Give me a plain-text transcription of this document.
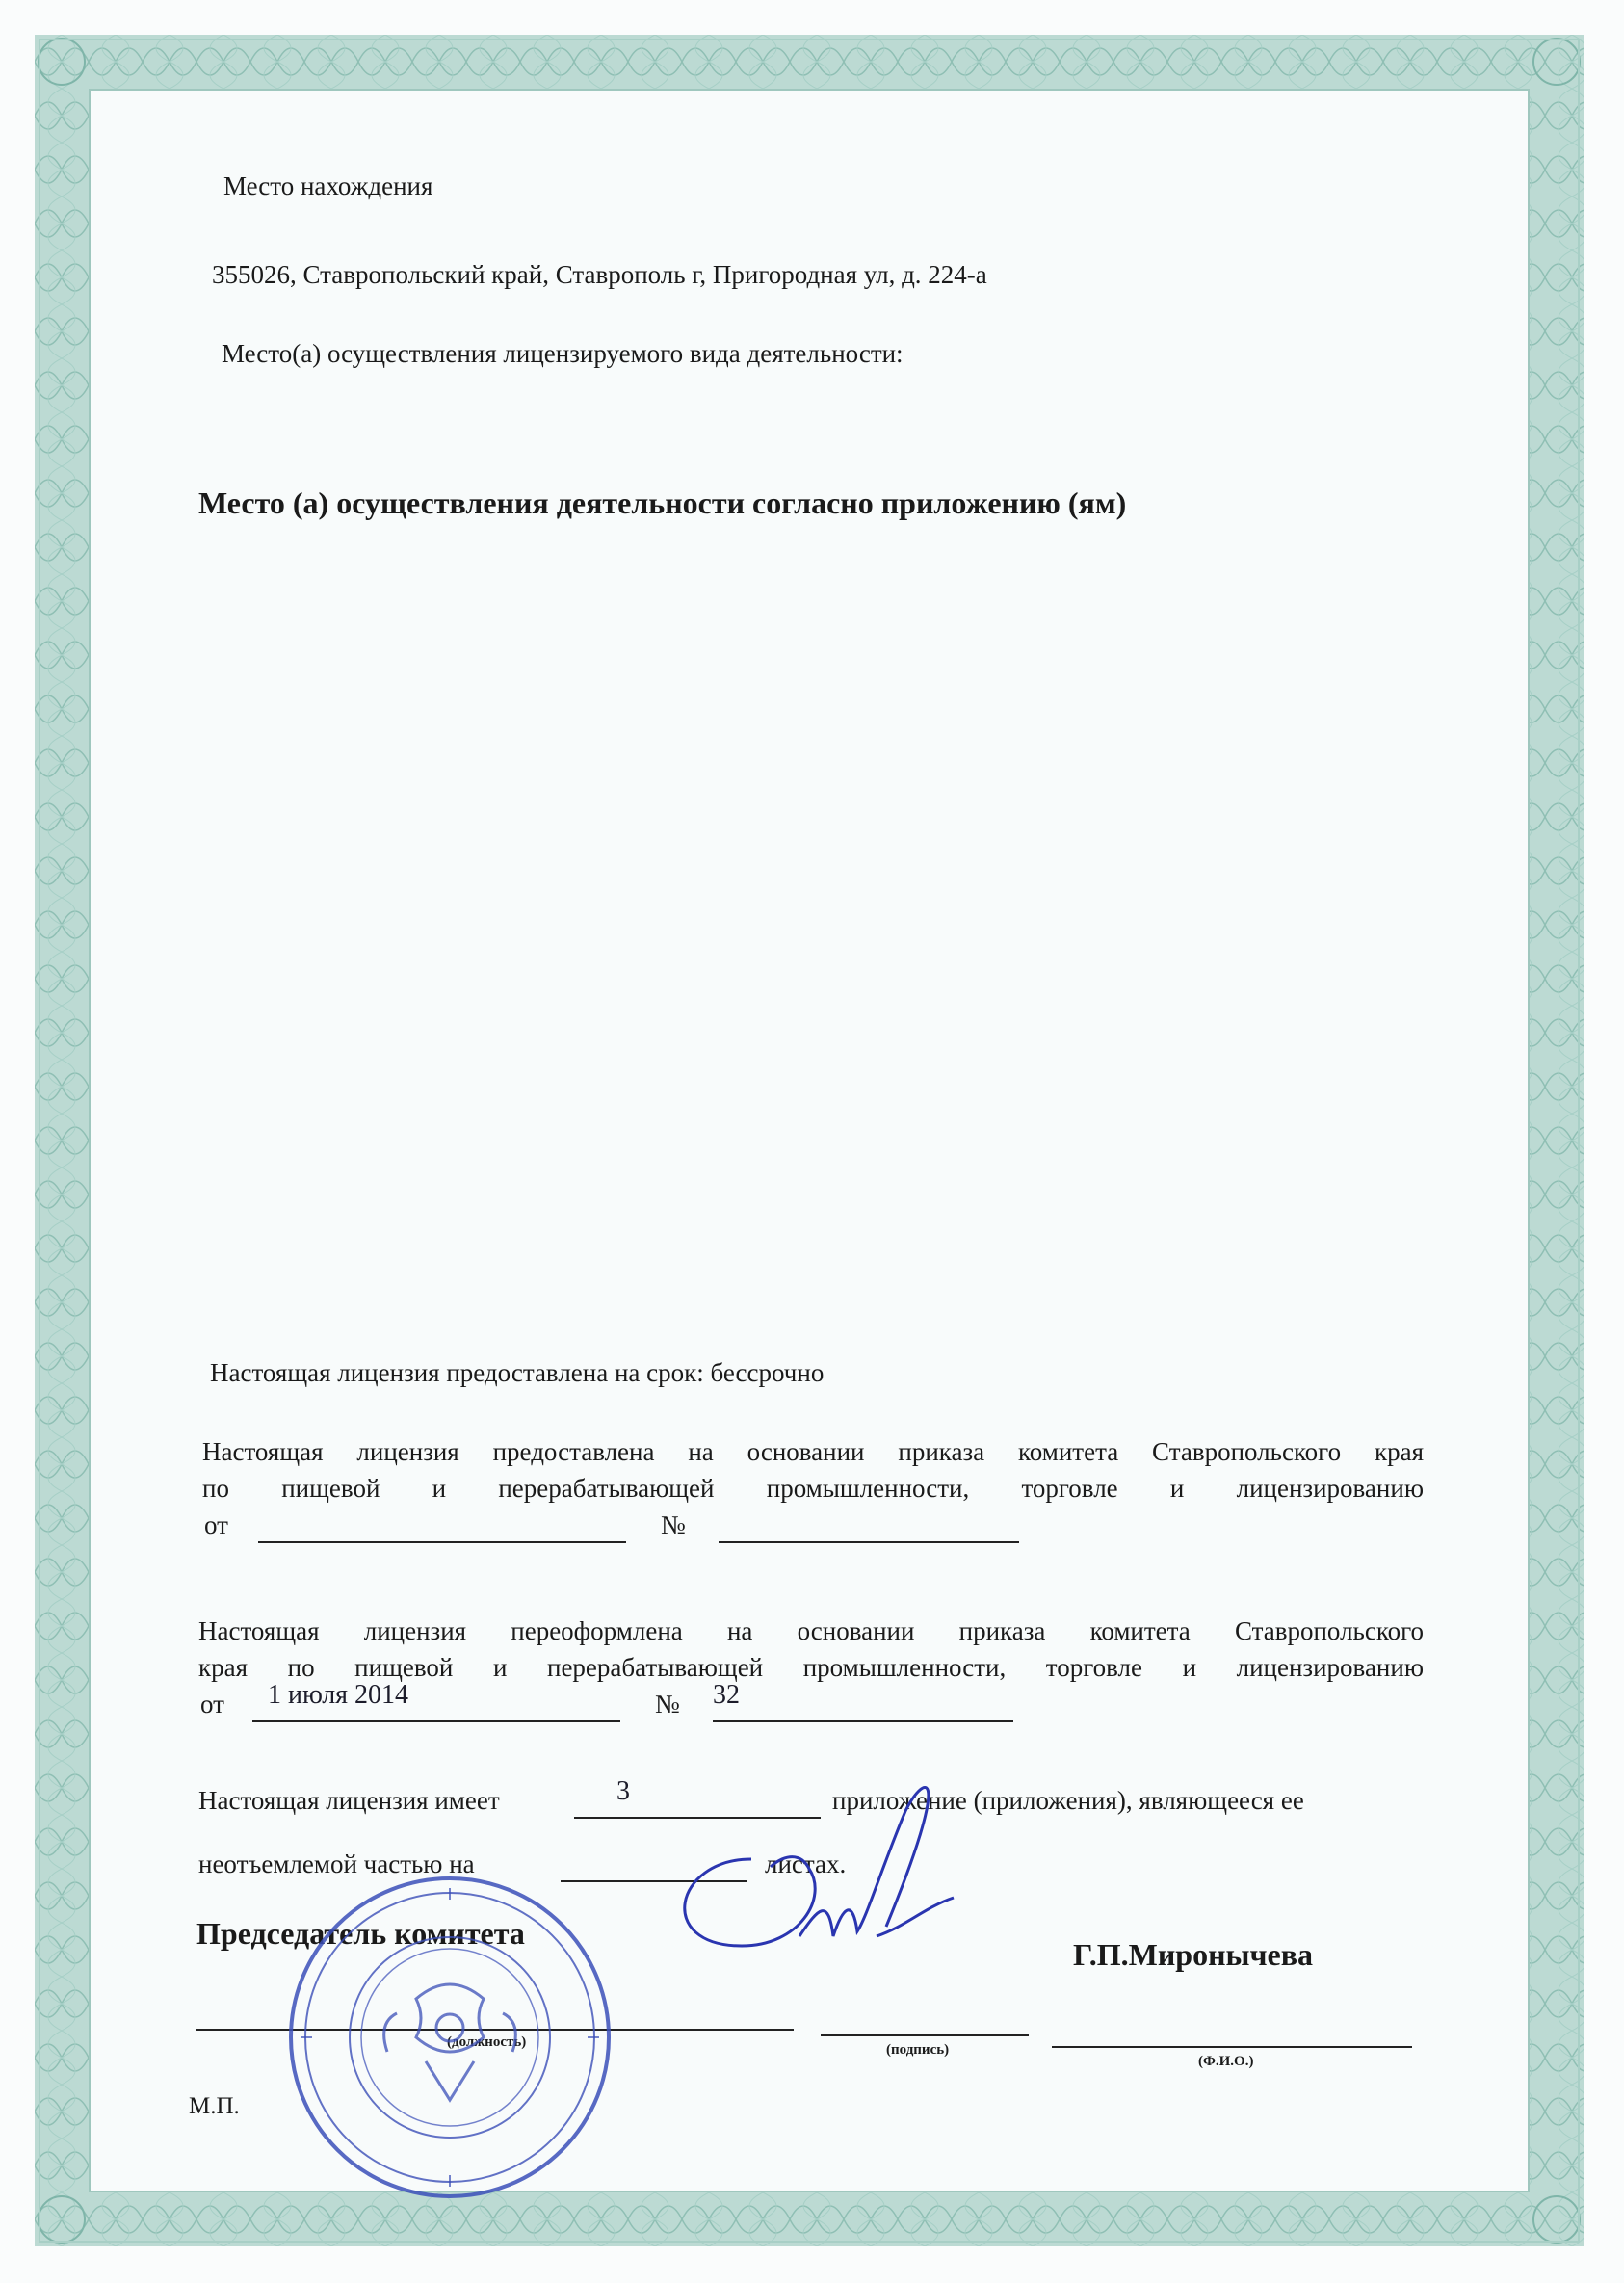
Место нахождения
355026, Ставропольский край, Ставрополь г, Пригородная ул, д. 224-а
Место(а) осуществления лицензируемого вида деятельности:
Место (а) осуществления деятельности согласно приложению (ям)
Настоящая лицензия предоставлена на срок: бессрочно
Настоящая лицензия предоставлена на основании приказа комитета Ставропольского края
по пищевой и перерабатывающей промышленности, торговле и лицензированию
от	№
Настоящая лицензия переоформлена на основании приказа комитета Ставропольского
края по пищевой и перерабатывающей промышленности, торговле и лицензированию
от 1 июля 2014	№ 32
Настоящая лицензия имеет	3	приложение (приложения), являющееся ее
неотъемлемой частью на	листах.
Председатель комитета
Г.П.Миронычева
(должность)	(подпись)
(Ф.И.О.)
М.П.
